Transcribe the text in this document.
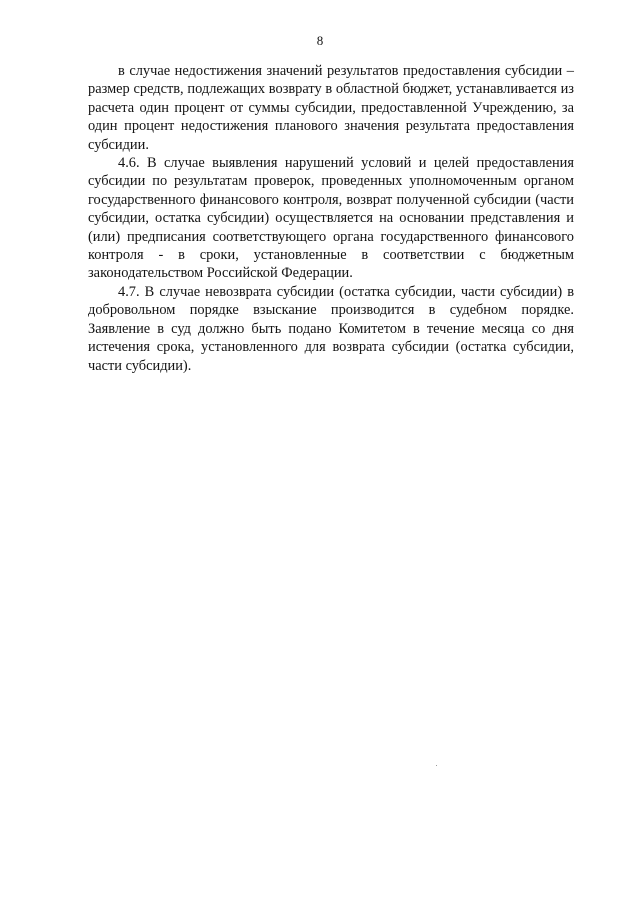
8

в случае недостижения значений результатов предоставления субсидии – размер средств, подлежащих возврату в областной бюджет, устанавливается из расчета один процент от суммы субсидии, предоставленной Учреждению, за один процент недостижения планового значения результата предоставления субсидии.

4.6. В случае выявления нарушений условий и целей предоставления субсидии по результатам проверок, проведенных уполномоченным органом государственного финансового контроля, возврат полученной субсидии (части субсидии, остатка субсидии) осуществляется на основании представления и (или) предписания соответствующего органа государственного финансового контроля - в сроки, установленные в соответствии с бюджетным законодательством Российской Федерации.

4.7. В случае невозврата субсидии (остатка субсидии, части субсидии) в добровольном порядке взыскание производится в судебном порядке. Заявление в суд должно быть подано Комитетом в течение месяца со дня истечения срока, установленного для возврата субсидии (остатка субсидии, части субсидии).
